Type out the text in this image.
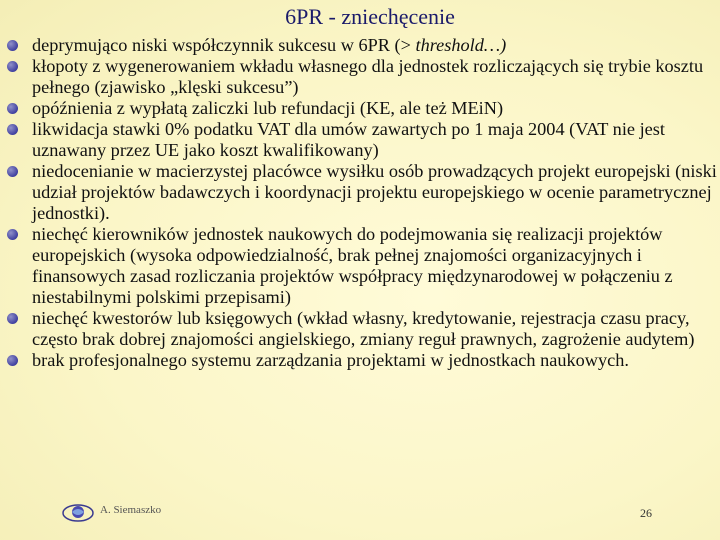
6PR - zniechęcenie
deprymująco niski współczynnik sukcesu w 6PR (> threshold…)
kłopoty z wygenerowaniem wkładu własnego dla jednostek rozliczających się trybie kosztu pełnego (zjawisko „klęski sukcesu”)
opóźnienia z wypłatą zaliczki lub refundacji (KE, ale też MEiN)
likwidacja stawki 0% podatku VAT dla umów zawartych po 1 maja 2004 (VAT nie jest uznawany przez UE jako koszt kwalifikowany)
niedocenianie w macierzystej placówce wysiłku osób prowadzących projekt europejski (niski udział projektów badawczych i koordynacji projektu europejskiego w ocenie parametrycznej jednostki).
niechęć kierowników jednostek naukowych do podejmowania się realizacji projektów europejskich (wysoka odpowiedzialność, brak pełnej znajomości organizacyjnych i finansowych zasad rozliczania projektów współpracy międzynarodowej w połączeniu z niestabilnymi polskimi przepisami)
niechęć kwestorów lub księgowych (wkład własny, kredytowanie, rejestracja czasu pracy, często brak dobrej znajomości angielskiego, zmiany reguł prawnych, zagrożenie audytem)
brak profesjonalnego systemu zarządzania projektami w jednostkach naukowych.
A. Siemaszko	26
